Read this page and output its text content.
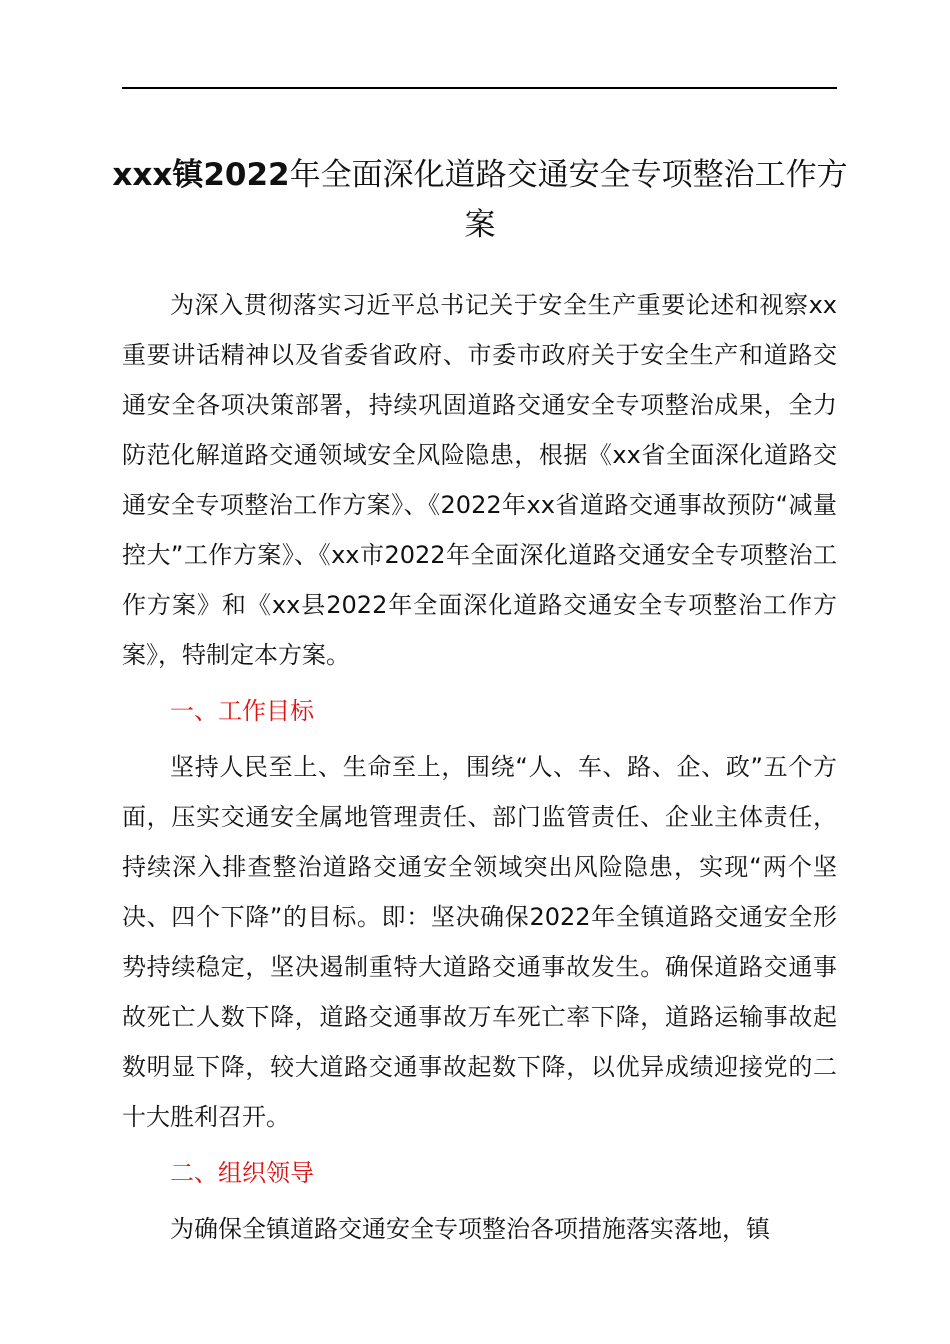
xxx镇2022年全面深化道路交通安全专项整治工作方案

为深入贯彻落实习近平总书记关于安全生产重要论述和视察xx重要讲话精神以及省委省政府、市委市政府关于安全生产和道路交通安全各项决策部署，持续巩固道路交通安全专项整治成果，全力防范化解道路交通领域安全风险隐患，根据《xx省全面深化道路交通安全专项整治工作方案》、《2022年xx省道路交通事故预防“减量控大”工作方案》、《xx市2022年全面深化道路交通安全专项整治工作方案》和《xx县2022年全面深化道路交通安全专项整治工作方案》，特制定本方案。

一、工作目标

坚持人民至上、生命至上，围绕“人、车、路、企、政”五个方面，压实交通安全属地管理责任、部门监管责任、企业主体责任，持续深入排查整治道路交通安全领域突出风险隐患，实现“两个坚决、四个下降”的目标。即：坚决确保2022年全镇道路交通安全形势持续稳定，坚决遏制重特大道路交通事故发生。确保道路交通事故死亡人数下降，道路交通事故万车死亡率下降，道路运输事故起数明显下降，较大道路交通事故起数下降，以优异成绩迎接党的二十大胜利召开。

二、组织领导

为确保全镇道路交通安全专项整治各项措施落实落地，镇
